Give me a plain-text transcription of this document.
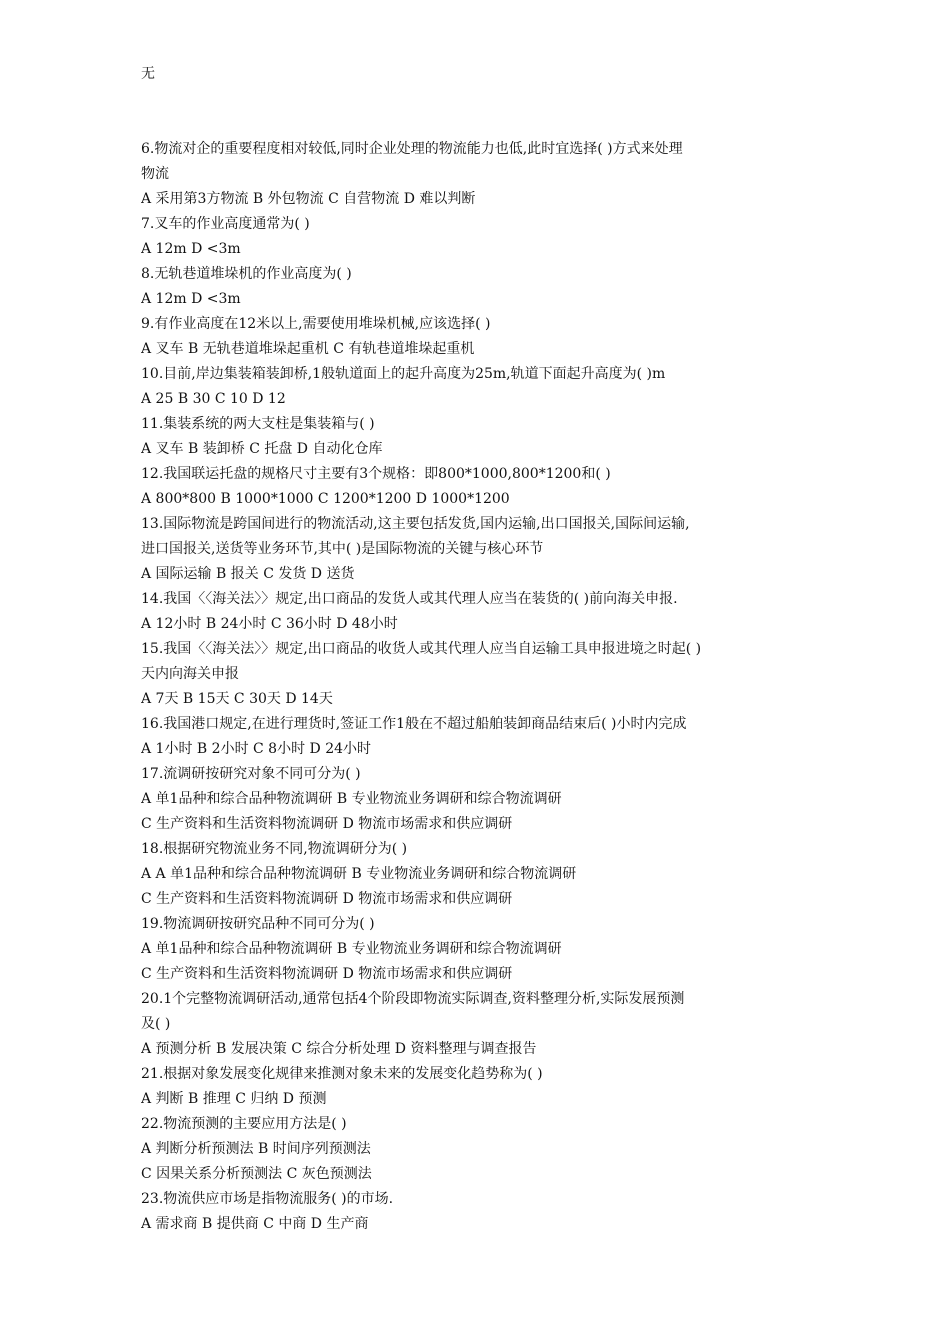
无
6.物流对企的重要程度相对较低,同时企业处理的物流能力也低,此时宜选择( )方式来处理
物流
A 采用第3方物流 B 外包物流 C 自营物流 D 难以判断
7.叉车的作业高度通常为( )
A 12m D <3m
8.无轨巷道堆垛机的作业高度为( )
A 12m D <3m
9.有作业高度在12米以上,需要使用堆垛机械,应该选择( )
A 叉车 B 无轨巷道堆垛起重机 C 有轨巷道堆垛起重机
10.目前,岸边集装箱装卸桥,1般轨道面上的起升高度为25m,轨道下面起升高度为( )m
A 25 B 30 C 10 D 12
11.集装系统的两大支柱是集装箱与( )
A 叉车 B 装卸桥 C 托盘 D 自动化仓库
12.我国联运托盘的规格尺寸主要有3个规格：即800*1000,800*1200和( )
A 800*800 B 1000*1000 C 1200*1200 D 1000*1200
13.国际物流是跨国间进行的物流活动,这主要包括发货,国内运输,出口国报关,国际间运输,
进口国报关,送货等业务环节,其中( )是国际物流的关键与核心环节
A 国际运输 B 报关 C 发货 D 送货
14.我国〈〈海关法〉〉规定,出口商品的发货人或其代理人应当在装货的( )前向海关申报.
A 12小时 B 24小时 C 36小时 D 48小时
15.我国〈〈海关法〉〉规定,出口商品的收货人或其代理人应当自运输工具申报进境之时起( )
天内向海关申报
A 7天 B 15天 C 30天 D 14天
16.我国港口规定,在进行理货时,签证工作1般在不超过船舶装卸商品结束后( )小时内完成
A 1小时 B 2小时 C 8小时 D 24小时
17.流调研按研究对象不同可分为( )
A 单1品种和综合品种物流调研 B 专业物流业务调研和综合物流调研
C 生产资料和生活资料物流调研 D 物流市场需求和供应调研
18.根据研究物流业务不同,物流调研分为( )
A A 单1品种和综合品种物流调研 B 专业物流业务调研和综合物流调研
C 生产资料和生活资料物流调研 D 物流市场需求和供应调研
19.物流调研按研究品种不同可分为( )
A 单1品种和综合品种物流调研 B 专业物流业务调研和综合物流调研
C 生产资料和生活资料物流调研 D 物流市场需求和供应调研
20.1个完整物流调研活动,通常包括4个阶段即物流实际调查,资料整理分析,实际发展预测
及( )
A 预测分析 B 发展决策 C 综合分析处理 D 资料整理与调查报告
21.根据对象发展变化规律来推测对象未来的发展变化趋势称为( )
A 判断 B 推理 C 归纳 D 预测
22.物流预测的主要应用方法是( )
A 判断分析预测法 B 时间序列预测法
C 因果关系分析预测法 C 灰色预测法
23.物流供应市场是指物流服务( )的市场.
A 需求商 B 提供商 C 中商 D 生产商
